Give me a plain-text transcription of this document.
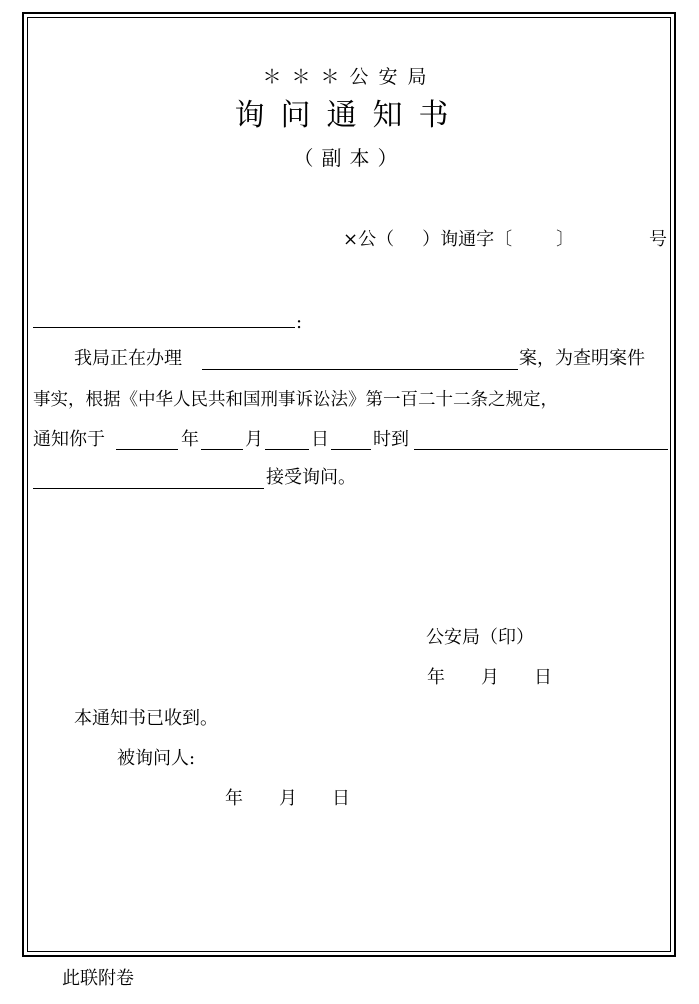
＊＊＊公安局
询问通知书
（副本）
×公（ ）询通字〔 〕	号
:
我局正在办理	案，为查明案件
事实，根据《中华人民共和国刑事诉讼法》第一百二十二条之规定，
通知你于	年	月	日 时到
接受询问。
公安局（印）
年 月 日
本通知书已收到。
被询问人:
年 月 日
此联附卷
